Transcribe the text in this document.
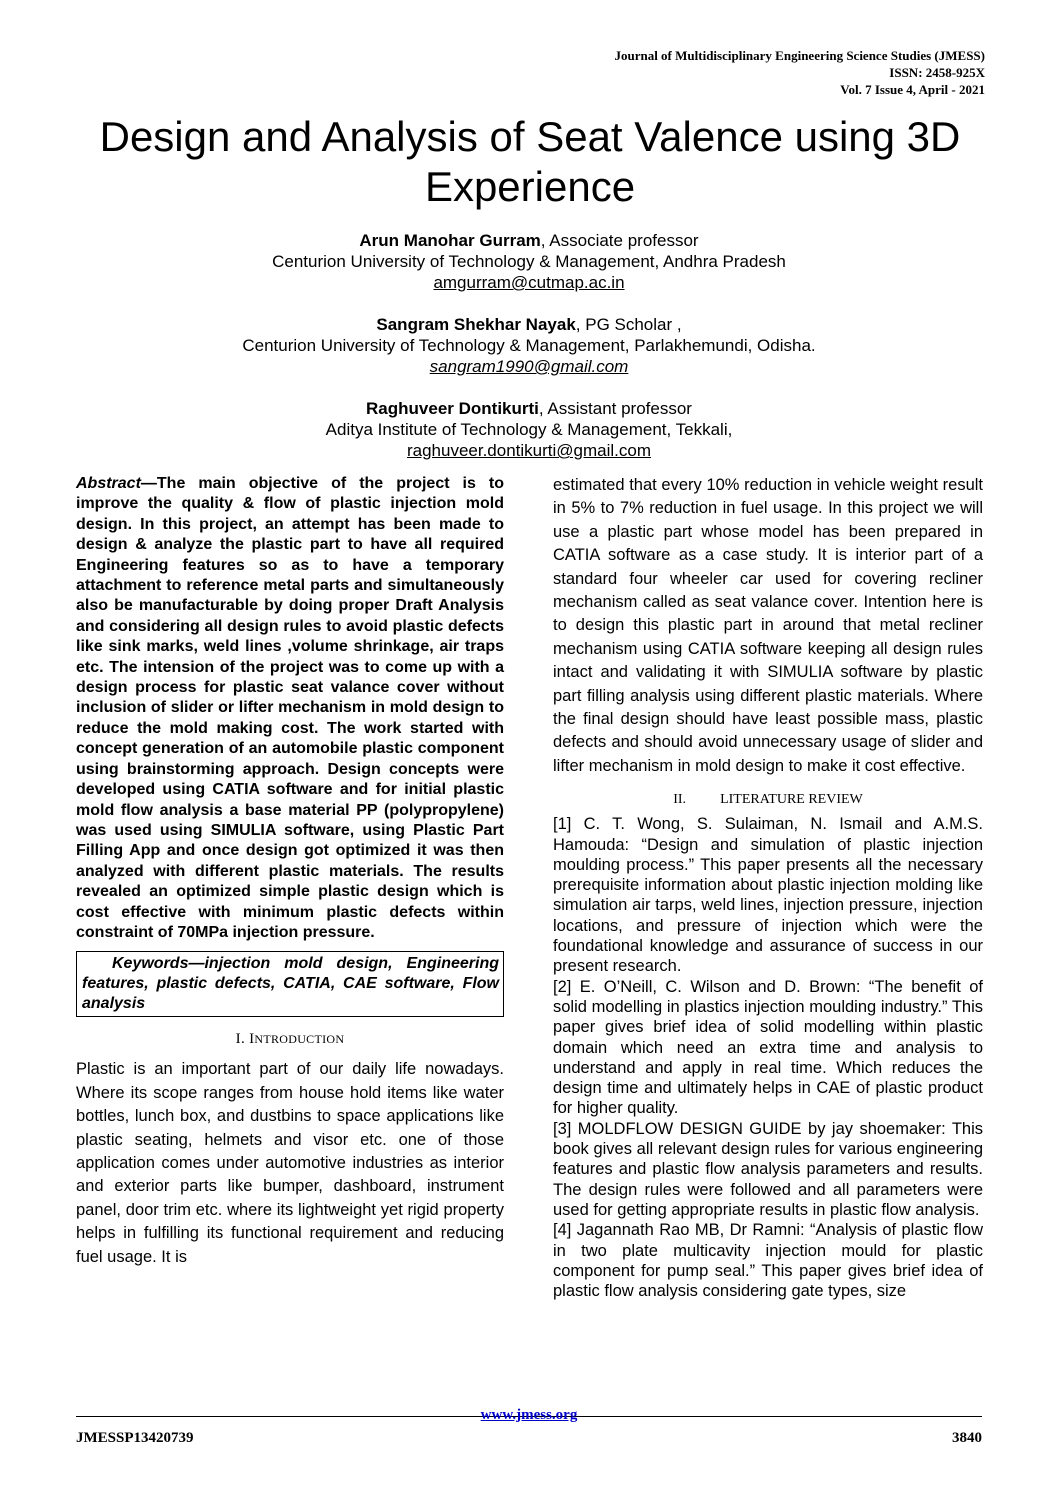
Journal of Multidisciplinary Engineering Science Studies (JMESS)
ISSN: 2458-925X
Vol. 7 Issue 4, April - 2021
Design and Analysis of Seat Valence using 3D Experience
Arun Manohar Gurram, Associate professor
Centurion University of Technology & Management, Andhra Pradesh
amgurram@cutmap.ac.in
Sangram Shekhar Nayak, PG Scholar ,
Centurion University of Technology & Management, Parlakhemundi, Odisha.
sangram1990@gmail.com
Raghuveer Dontikurti, Assistant professor
Aditya Institute of Technology & Management, Tekkali,
raghuveer.dontikurti@gmail.com

Abstract—The main objective of the project is to improve the quality & flow of plastic injection mold design. In this project, an attempt has been made to design & analyze the plastic part to have all required Engineering features so as to have a temporary attachment to reference metal parts and simultaneously also be manufacturable by doing proper Draft Analysis and considering all design rules to avoid plastic defects like sink marks, weld lines ,volume shrinkage, air traps etc. The intension of the project was to come up with a design process for plastic seat valance cover without inclusion of slider or lifter mechanism in mold design to reduce the mold making cost. The work started with concept generation of an automobile plastic component using brainstorming approach. Design concepts were developed using CATIA software and for initial plastic mold flow analysis a base material PP (polypropylene) was used using SIMULIA software, using Plastic Part Filling App and once design got optimized it was then analyzed with different plastic materials. The results revealed an optimized simple plastic design which is cost effective with minimum plastic defects within constraint of 70MPa injection pressure.

Keywords—injection mold design, Engineering features, plastic defects, CATIA, CAE software, Flow analysis
I. INTRODUCTION

Plastic is an important part of our daily life nowadays. Where its scope ranges from house hold items like water bottles, lunch box, and dustbins to space applications like plastic seating, helmets and visor etc. one of those application comes under automotive industries as interior and exterior parts like bumper, dashboard, instrument panel, door trim etc. where its lightweight yet rigid property helps in fulfilling its functional requirement and reducing fuel usage. It is

estimated that every 10% reduction in vehicle weight result in 5% to 7% reduction in fuel usage. In this project we will use a plastic part whose model has been prepared in CATIA software as a case study. It is interior part of a standard four wheeler car used for covering recliner mechanism called as seat valance cover. Intention here is to design this plastic part in around that metal recliner mechanism using CATIA software keeping all design rules intact and validating it with SIMULIA software by plastic part filling analysis using different plastic materials. Where the final design should have least possible mass, plastic defects and should avoid unnecessary usage of slider and lifter mechanism in mold design to make it cost effective.

II. LITERATURE REVIEW

[1] C. T. Wong, S. Sulaiman, N. Ismail and A.M.S. Hamouda: “Design and simulation of plastic injection moulding process.” This paper presents all the necessary prerequisite information about plastic injection molding like simulation air tarps, weld lines, injection pressure, injection locations, and pressure of injection which were the foundational knowledge and assurance of success in our present research.

[2] E. O’Neill, C. Wilson and D. Brown: “The benefit of solid modelling in plastics injection moulding industry.” This paper gives brief idea of solid modelling within plastic domain which need an extra time and analysis to understand and apply in real time. Which reduces the design time and ultimately helps in CAE of plastic product for higher quality.

[3] MOLDFLOW DESIGN GUIDE by jay shoemaker: This book gives all relevant design rules for various engineering features and plastic flow analysis parameters and results. The design rules were followed and all parameters were used for getting appropriate results in plastic flow analysis.

[4] Jagannath Rao MB, Dr Ramni: “Analysis of plastic flow in two plate multicavity injection mould for plastic component for pump seal.” This paper gives brief idea of plastic flow analysis considering gate types, size

www.jmess.org
JMESSP13420739	3840
